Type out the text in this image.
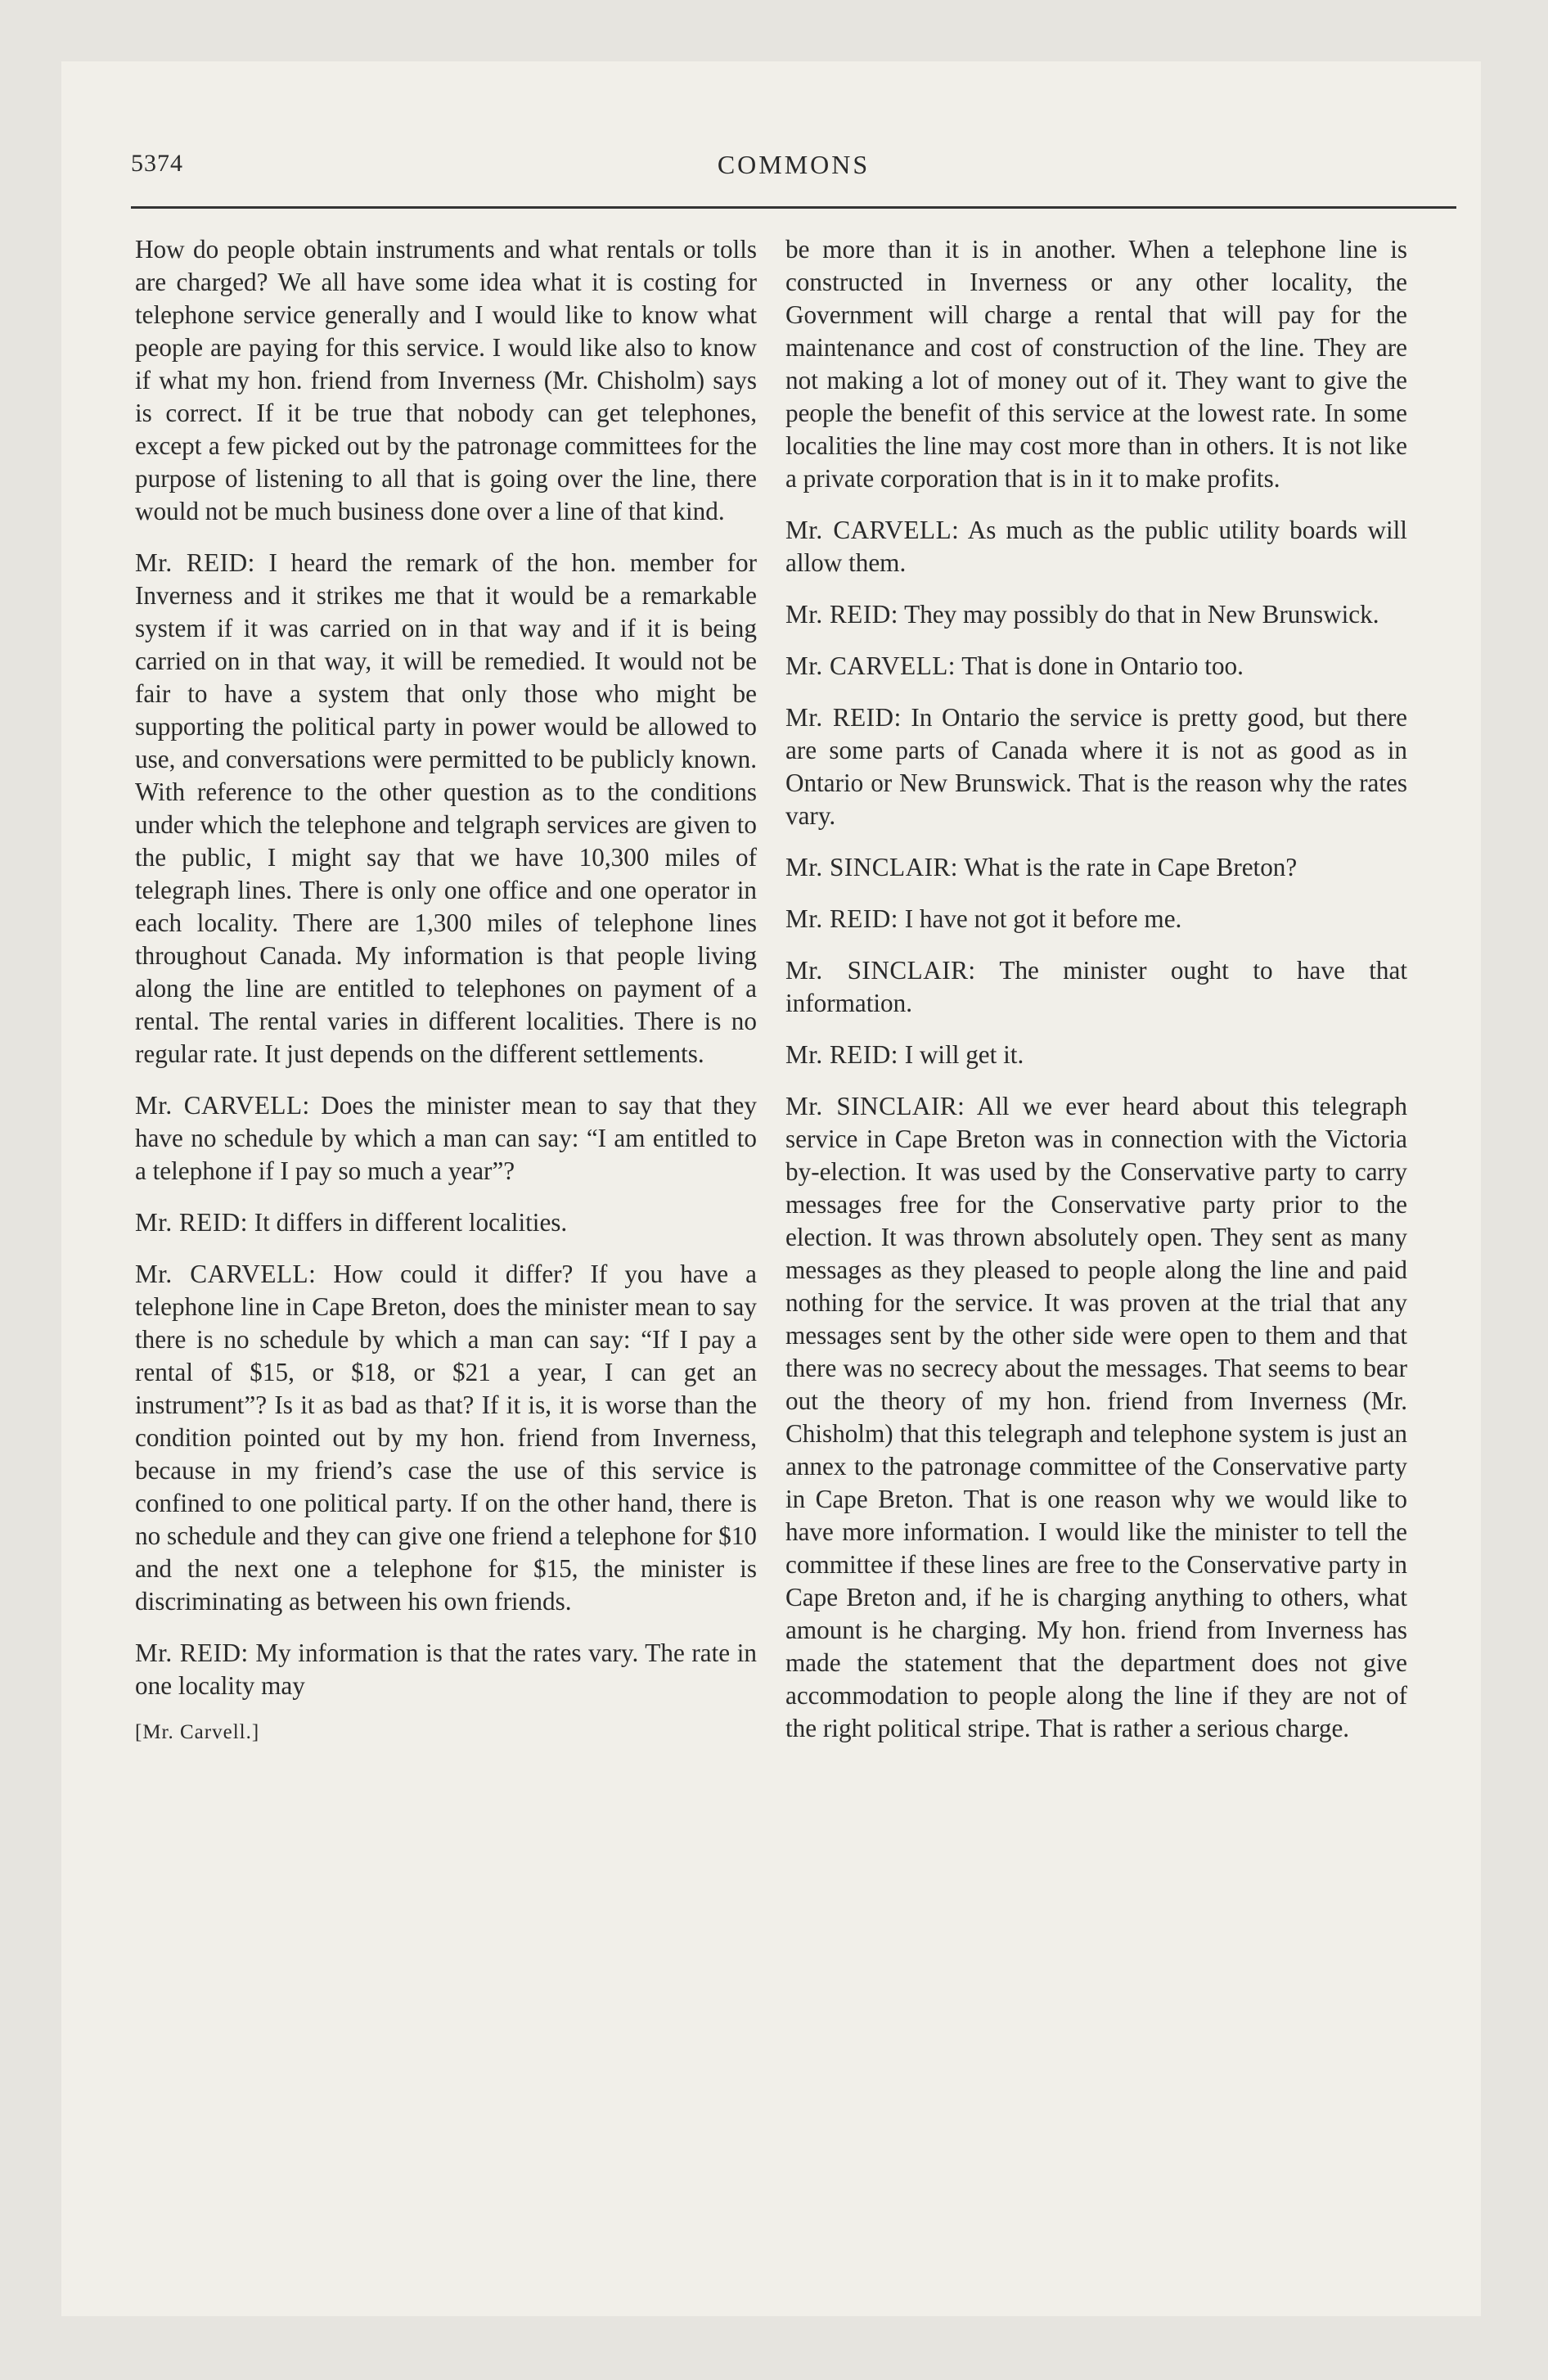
5374	COMMONS

How do people obtain instruments and what rentals or tolls are charged? We all have some idea what it is costing for telephone service generally and I would like to know what people are paying for this service. I would like also to know if what my hon. friend from Inverness (Mr. Chisholm) says is correct. If it be true that nobody can get telephones, except a few picked out by the patronage committees for the purpose of listening to all that is going over the line, there would not be much business done over a line of that kind.

Mr. REID: I heard the remark of the hon. member for Inverness and it strikes me that it would be a remarkable system if it was carried on in that way and if it is being carried on in that way, it will be remedied. It would not be fair to have a system that only those who might be supporting the political party in power would be allowed to use, and conversations were permitted to be publicly known. With reference to the other question as to the conditions under which the telephone and telgraph services are given to the public, I might say that we have 10,300 miles of telegraph lines. There is only one office and one operator in each locality. There are 1,300 miles of telephone lines throughout Canada. My information is that people living along the line are entitled to telephones on payment of a rental. The rental varies in different localities. There is no regular rate. It just depends on the different settlements.

Mr. CARVELL: Does the minister mean to say that they have no schedule by which a man can say: “I am entitled to a telephone if I pay so much a year”?

Mr. REID: It differs in different localities.

Mr. CARVELL: How could it differ? If you have a telephone line in Cape Breton, does the minister mean to say there is no schedule by which a man can say: “If I pay a rental of $15, or $18, or $21 a year, I can get an instrument”? Is it as bad as that? If it is, it is worse than the condition pointed out by my hon. friend from Inverness, because in my friend’s case the use of this service is confined to one political party. If on the other hand, there is no schedule and they can give one friend a telephone for $10 and the next one a telephone for $15, the minister is discriminating as between his own friends.

Mr. REID: My information is that the rates vary. The rate in one locality may

[Mr. Carvell.]

be more than it is in another. When a telephone line is constructed in Inverness or any other locality, the Government will charge a rental that will pay for the maintenance and cost of construction of the line. They are not making a lot of money out of it. They want to give the people the benefit of this service at the lowest rate. In some localities the line may cost more than in others. It is not like a private corporation that is in it to make profits.

Mr. CARVELL: As much as the public utility boards will allow them.

Mr. REID: They may possibly do that in New Brunswick.

Mr. CARVELL: That is done in Ontario too.

Mr. REID: In Ontario the service is pretty good, but there are some parts of Canada where it is not as good as in Ontario or New Brunswick. That is the reason why the rates vary.

Mr. SINCLAIR: What is the rate in Cape Breton?

Mr. REID: I have not got it before me.

Mr. SINCLAIR: The minister ought to have that information.

Mr. REID: I will get it.

Mr. SINCLAIR: All we ever heard about this telegraph service in Cape Breton was in connection with the Victoria by-election. It was used by the Conservative party to carry messages free for the Conservative party prior to the election. It was thrown absolutely open. They sent as many messages as they pleased to people along the line and paid nothing for the service. It was proven at the trial that any messages sent by the other side were open to them and that there was no secrecy about the messages. That seems to bear out the theory of my hon. friend from Inverness (Mr. Chisholm) that this telegraph and telephone system is just an annex to the patronage committee of the Conservative party in Cape Breton. That is one reason why we would like to have more information. I would like the minister to tell the committee if these lines are free to the Conservative party in Cape Breton and, if he is charging anything to others, what amount is he charging. My hon. friend from Inverness has made the statement that the department does not give accommodation to people along the line if they are not of the right political stripe. That is rather a serious charge.
